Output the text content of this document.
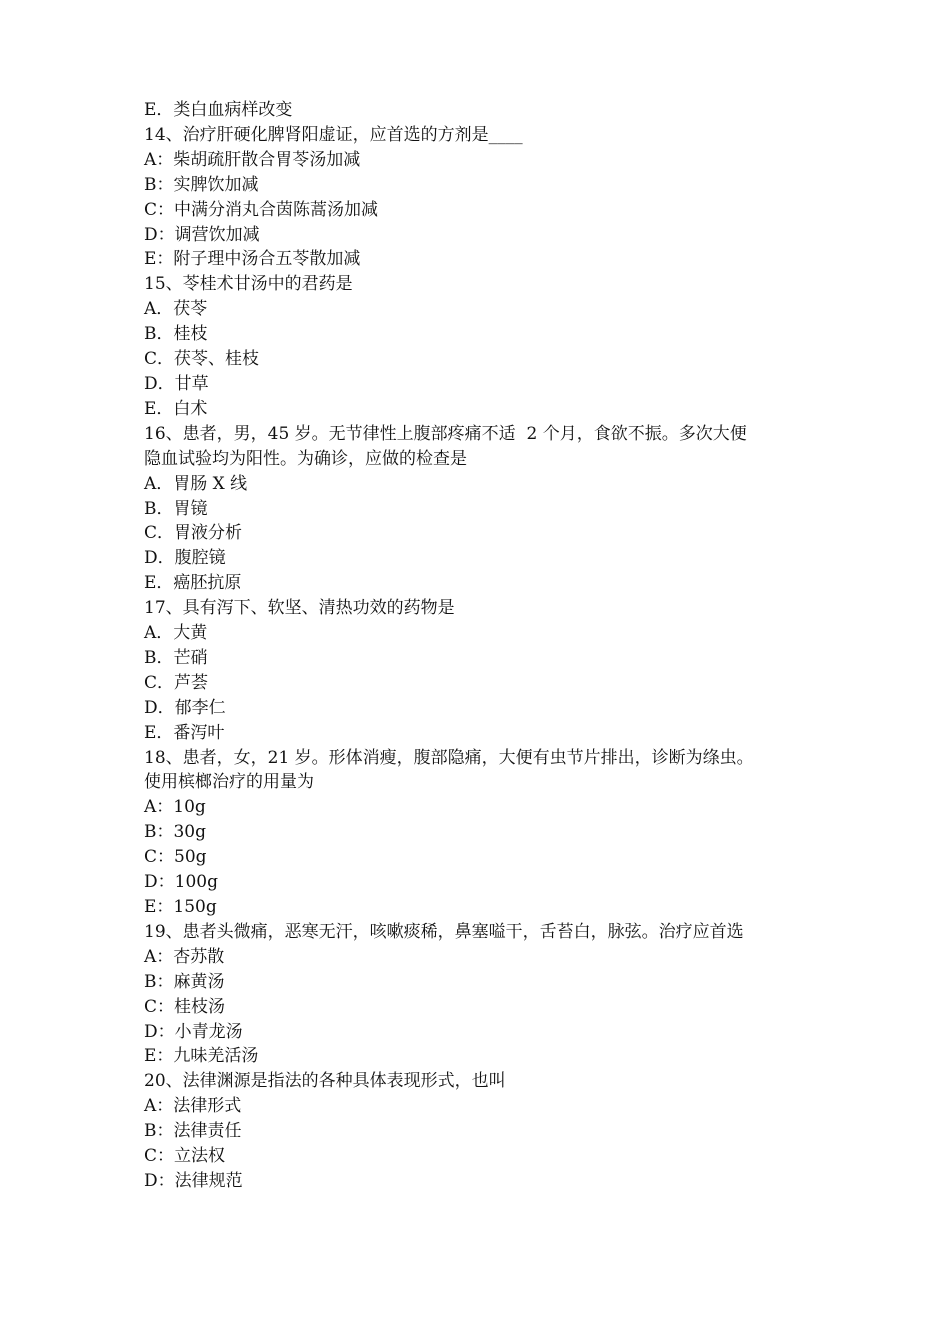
E．类白血病样改变

14、治疗肝硬化脾肾阳虚证，应首选的方剂是____

A：柴胡疏肝散合胃苓汤加减

B：实脾饮加减

C：中满分消丸合茵陈蒿汤加减

D：调营饮加减

E：附子理中汤合五苓散加减

15、苓桂术甘汤中的君药是

A．茯苓

B．桂枝

C．茯苓、桂枝

D．甘草

E．白术

16、患者，男，45 岁。无节律性上腹部疼痛不适  2 个月，食欲不振。多次大便

隐血试验均为阳性。为确诊，应做的检查是

A．胃肠 X 线

B．胃镜

C．胃液分析

D．腹腔镜

E．癌胚抗原

17、具有泻下、软坚、清热功效的药物是

A．大黄

B．芒硝

C．芦荟

D．郁李仁

E．番泻叶

18、患者，女，21 岁。形体消瘦，腹部隐痛，大便有虫节片排出，诊断为绦虫。

使用槟榔治疗的用量为

A：10g

B：30g

C：50g

D：100g

E：150g

19、患者头微痛，恶寒无汗，咳嗽痰稀，鼻塞嗌干，舌苔白，脉弦。治疗应首选

A：杏苏散

B：麻黄汤

C：桂枝汤

D：小青龙汤

E：九味羌活汤

20、法律渊源是指法的各种具体表现形式，也叫

A：法律形式

B：法律责任

C：立法权

D：法律规范
